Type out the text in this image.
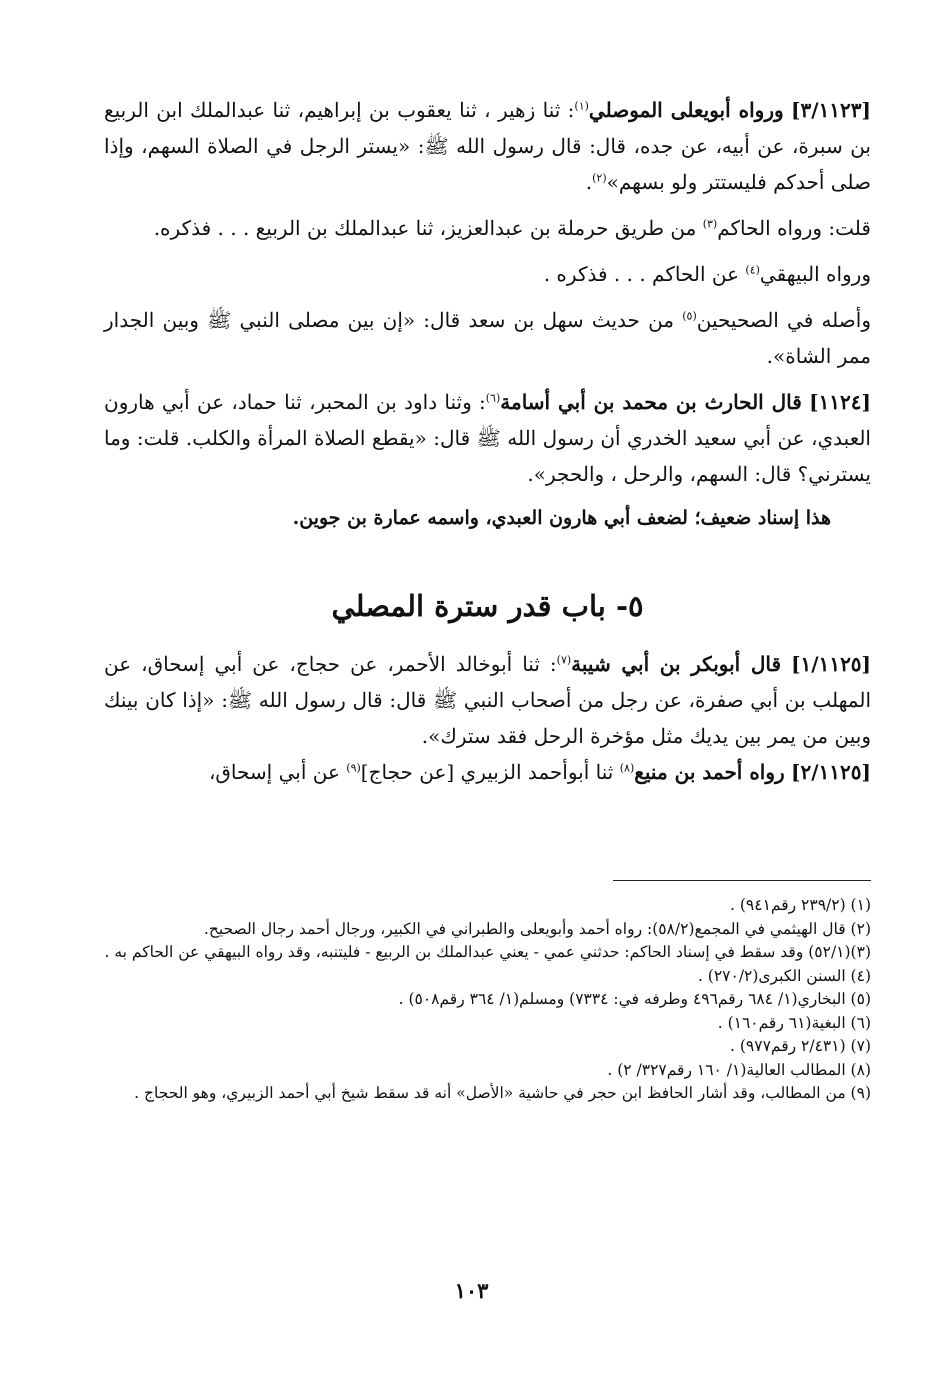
[٣/١١٢٣] ورواه أبويعلى الموصلي$^{(١)}$: ثنا زهير ، ثنا يعقوب بن إبراهيم، ثنا عبدالملك ابن الربيع بن سبرة، عن أبيه، عن جده، قال: قال رسول الله ﷺ: «يستر الرجل في الصلاة السهم، وإذا صلى أحدكم فليستتر ولو بسهم»$^{(٢)}$.

قلت: ورواه الحاكم$^{(٣)}$ من طريق حرملة بن عبدالعزيز، ثنا عبدالملك بن الربيع . . . فذكره.

ورواه البيهقي$^{(٤)}$ عن الحاكم . . . فذكره .

وأصله في الصحيحين$^{(٥)}$ من حديث سهل بن سعد قال: «إن بين مصلى النبي ﷺ وبين الجدار ممر الشاة».

[١١٢٤] قال الحارث بن محمد بن أبي أسامة$^{(٦)}$: وثنا داود بن المحبر، ثنا حماد، عن أبي هارون العبدي، عن أبي سعيد الخدري أن رسول الله ﷺ قال: «يقطع الصلاة المرأة والكلب. قلت: وما يسترني؟ قال: السهم، والرحل ، والحجر».

هذا إسناد ضعيف؛ لضعف أبي هارون العبدي، واسمه عمارة بن جوين.

٥- باب قدر سترة المصلي

[١/١١٢٥] قال أبوبكر بن أبي شيبة$^{(٧)}$: ثنا أبوخالد الأحمر، عن حجاج، عن أبي إسحاق، عن المهلب بن أبي صفرة، عن رجل من أصحاب النبي ﷺ قال: قال رسول الله ﷺ: «إذا كان بينك وبين من يمر بين يديك مثل مؤخرة الرحل فقد سترك».

[٢/١١٢٥] رواه أحمد بن منيع$^{(٨)}$ ثنا أبوأحمد الزبيري [عن حجاج]$^{(٩)}$ عن أبي إسحاق،

(١) (٢٣٩/٢ رقم٩٤١) .

(٢) قال الهيثمي في المجمع(٥٨/٢): رواه أحمد وأبويعلى والطبراني في الكبير، ورجال أحمد رجال الصحيح.

(٣)(٥٢/١) وقد سقط في إسناد الحاكم: حدثني عمي - يعني عبدالملك بن الربيع - فليتنبه، وقد رواه البيهقي عن الحاكم به .

(٤) السنن الكبرى(٢٧٠/٢) .

(٥) البخاري(١/ ٦٨٤ رقم٤٩٦ وطرفه في: ٧٣٣٤) ومسلم(١/ ٣٦٤ رقم٥٠٨) .

(٦) البغية(٦١ رقم١٦٠) .

(٧) (٢/٤٣١ رقم٩٧٧) .

(٨) المطالب العالية(١/ ١٦٠ رقم٣٢٧/ ٢) .

(٩) من المطالب، وقد أشار الحافظ ابن حجر في حاشية «الأصل» أنه قد سقط شيخ أبي أحمد الزبيري، وهو الحجاج .

١٠٣
